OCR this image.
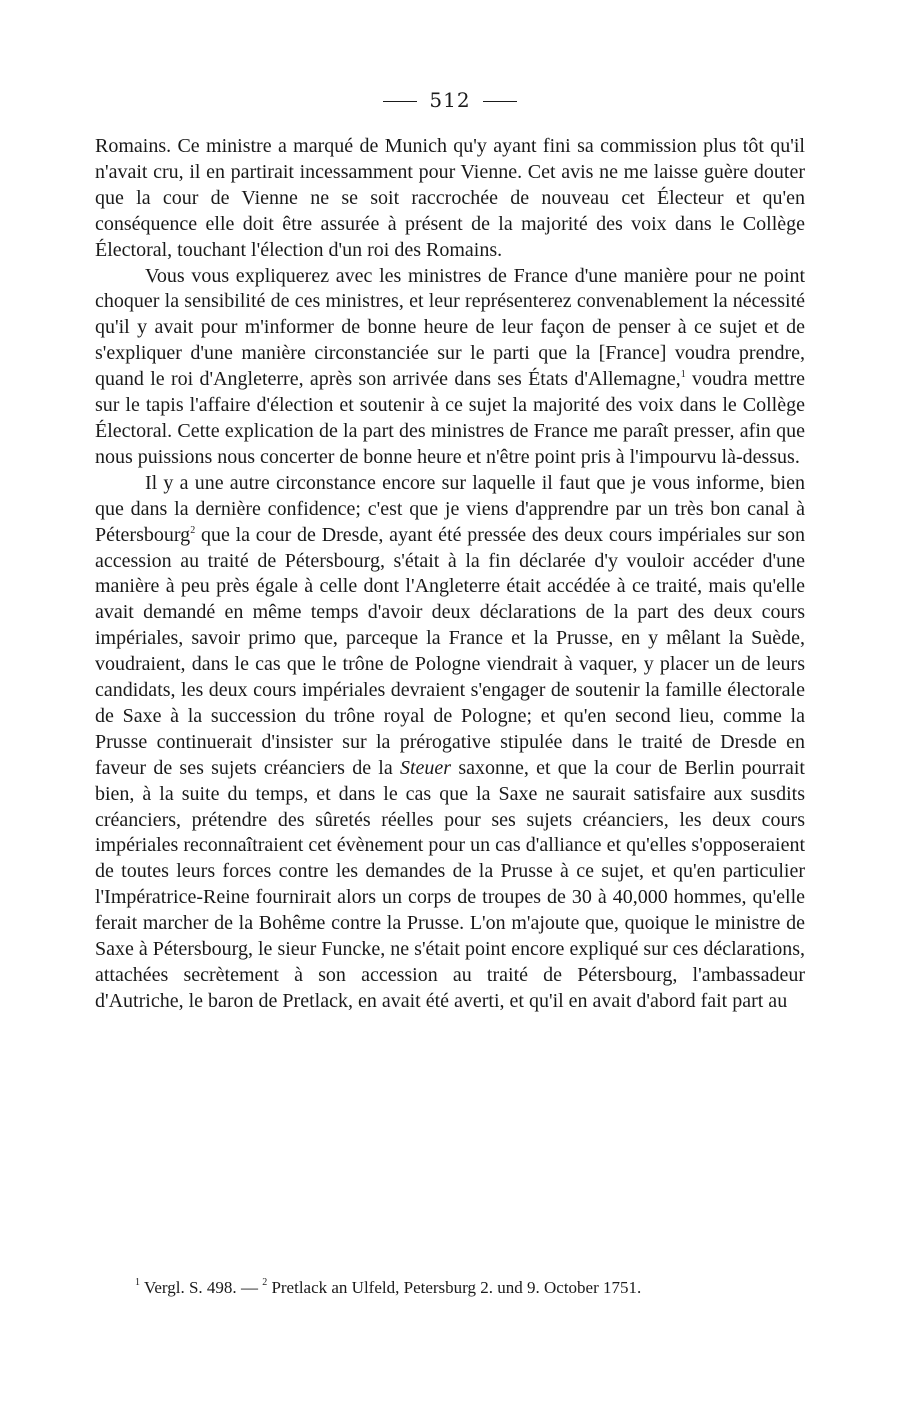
512

Romains. Ce ministre a marqué de Munich qu'y ayant fini sa commission plus tôt qu'il n'avait cru, il en partirait incessamment pour Vienne. Cet avis ne me laisse guère douter que la cour de Vienne ne se soit raccrochée de nouveau cet Électeur et qu'en conséquence elle doit être assurée à présent de la majorité des voix dans le Collège Électoral, touchant l'élection d'un roi des Romains.

Vous vous expliquerez avec les ministres de France d'une manière pour ne point choquer la sensibilité de ces ministres, et leur représenterez convenablement la nécessité qu'il y avait pour m'informer de bonne heure de leur façon de penser à ce sujet et de s'expliquer d'une manière circonstanciée sur le parti que la [France] voudra prendre, quand le roi d'Angleterre, après son arrivée dans ses États d'Allemagne,$^1$ voudra mettre sur le tapis l'affaire d'élection et soutenir à ce sujet la majorité des voix dans le Collège Électoral. Cette explication de la part des ministres de France me paraît presser, afin que nous puissions nous concerter de bonne heure et n'être point pris à l'impourvu là-dessus.

Il y a une autre circonstance encore sur laquelle il faut que je vous informe, bien que dans la dernière confidence; c'est que je viens d'apprendre par un très bon canal à Pétersbourg$^2$ que la cour de Dresde, ayant été pressée des deux cours impériales sur son accession au traité de Pétersbourg, s'était à la fin déclarée d'y vouloir accéder d'une manière à peu près égale à celle dont l'Angleterre était accédée à ce traité, mais qu'elle avait demandé en même temps d'avoir deux déclarations de la part des deux cours impériales, savoir primo que, parceque la France et la Prusse, en y mêlant la Suède, voudraient, dans le cas que le trône de Pologne viendrait à vaquer, y placer un de leurs candidats, les deux cours impériales devraient s'engager de soutenir la famille électorale de Saxe à la succession du trône royal de Pologne; et qu'en second lieu, comme la Prusse continuerait d'insister sur la prérogative stipulée dans le traité de Dresde en faveur de ses sujets créanciers de la Steuer saxonne, et que la cour de Berlin pourrait bien, à la suite du temps, et dans le cas que la Saxe ne saurait satisfaire aux susdits créanciers, prétendre des sûretés réelles pour ses sujets créanciers, les deux cours impériales reconnaîtraient cet évènement pour un cas d'alliance et qu'elles s'opposeraient de toutes leurs forces contre les demandes de la Prusse à ce sujet, et qu'en particulier l'Impératrice-Reine fournirait alors un corps de troupes de 30 à 40,000 hommes, qu'elle ferait marcher de la Bohême contre la Prusse. L'on m'ajoute que, quoique le ministre de Saxe à Pétersbourg, le sieur Funcke, ne s'était point encore expliqué sur ces déclarations, attachées secrètement à son accession au traité de Pétersbourg, l'ambassadeur d'Autriche, le baron de Pretlack, en avait été averti, et qu'il en avait d'abord fait part au

$^1$ Vergl. S. 498. — $^2$ Pretlack an Ulfeld, Petersburg 2. und 9. October 1751.
